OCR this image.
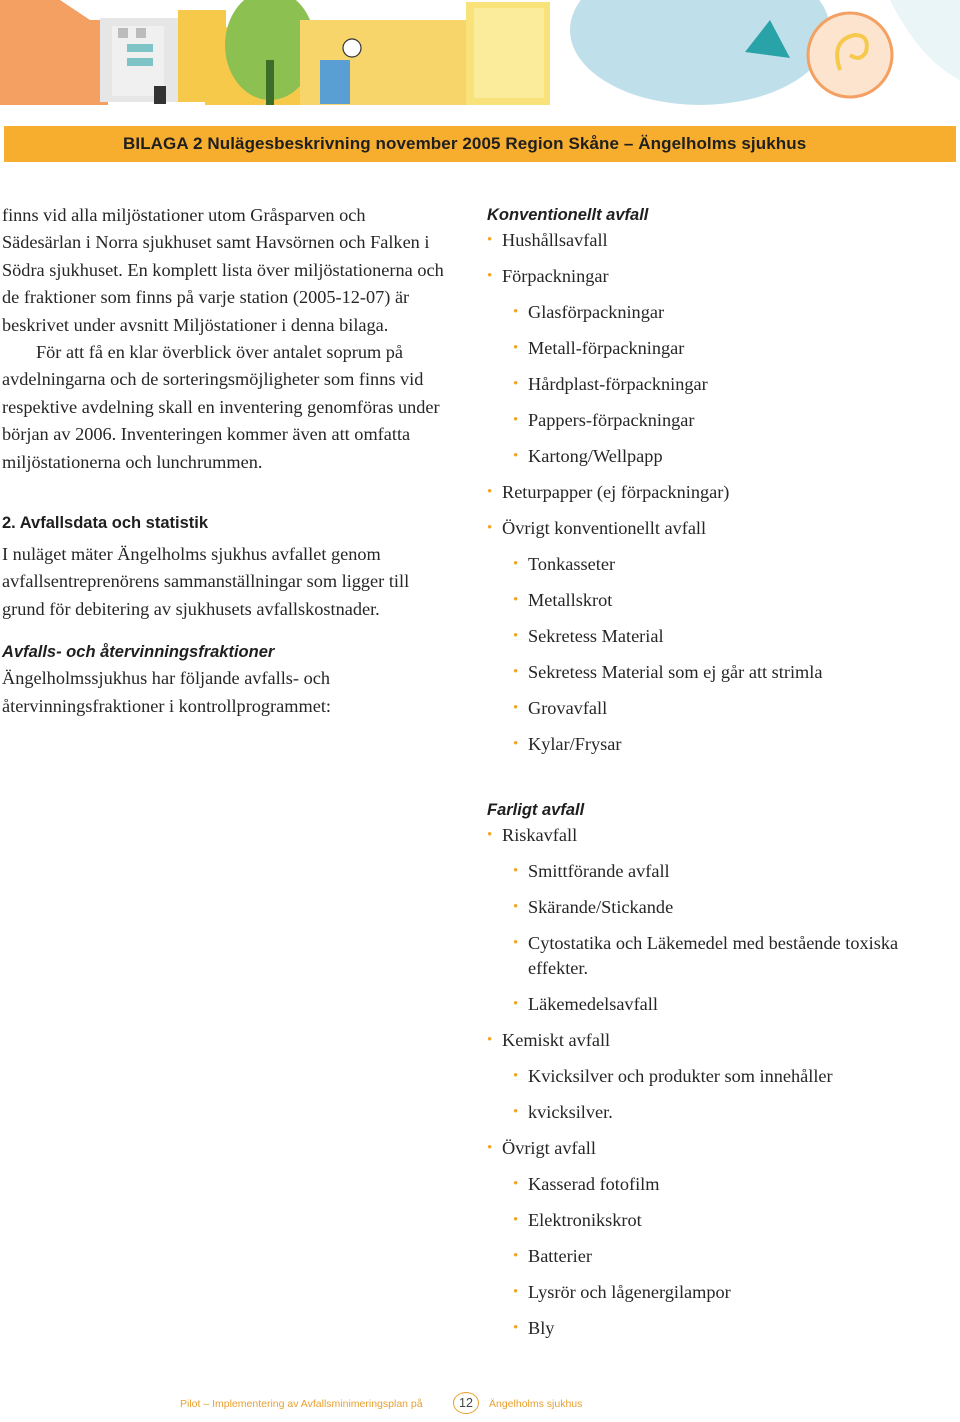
BILAGA 2 Nulägesbeskrivning november 2005 Region Skåne – Ängelholms sjukhus

finns vid alla miljöstationer utom Gråsparven och Sädesärlan i Norra sjukhuset samt Havsörnen och Falken i Södra sjukhuset. En komplett lista över miljöstationerna och de fraktioner som finns på varje station (2005-12-07) är beskrivet under avsnitt Miljöstationer i denna bilaga.

För att få en klar överblick över antalet soprum på avdelningarna och de sorteringsmöjligheter som finns vid respektive avdelning skall en inventering genomföras under början av 2006. Inventeringen kommer även att omfatta miljöstationerna och lunchrummen.

2. Avfallsdata och statistik

I nuläget mäter Ängelholms sjukhus avfallet genom avfallsentreprenörens sammanställningar som ligger till grund för debitering av sjukhusets avfallskostnader.

Avfalls- och återvinningsfraktioner

Ängelholmssjukhus har följande avfalls- och återvinningsfraktioner i kontrollprogrammet:

Konventionellt avfall
• Hushållsavfall
• Förpackningar
• Glasförpackningar
• Metall-förpackningar
• Hårdplast-förpackningar
• Pappers-förpackningar
• Kartong/Wellpapp
• Returpapper (ej förpackningar)
• Övrigt konventionellt avfall
• Tonkasseter
• Metallskrot
• Sekretess Material
• Sekretess Material som ej går att strimla
• Grovavfall
• Kylar/Frysar
Farligt avfall
• Riskavfall
• Smittförande avfall
• Skärande/Stickande
• Cytostatika och Läkemedel med bestående toxiska effekter.
• Läkemedelsavfall
• Kemiskt avfall
• Kvicksilver och produkter som innehåller
• kvicksilver.
• Övrigt avfall
• Kasserad fotofilm
• Elektronikskrot
• Batterier
• Lysrör och lågenergilampor
• Bly
Pilot – Implementering av Avfallsminimeringsplan på	12	Ängelholms sjukhus
